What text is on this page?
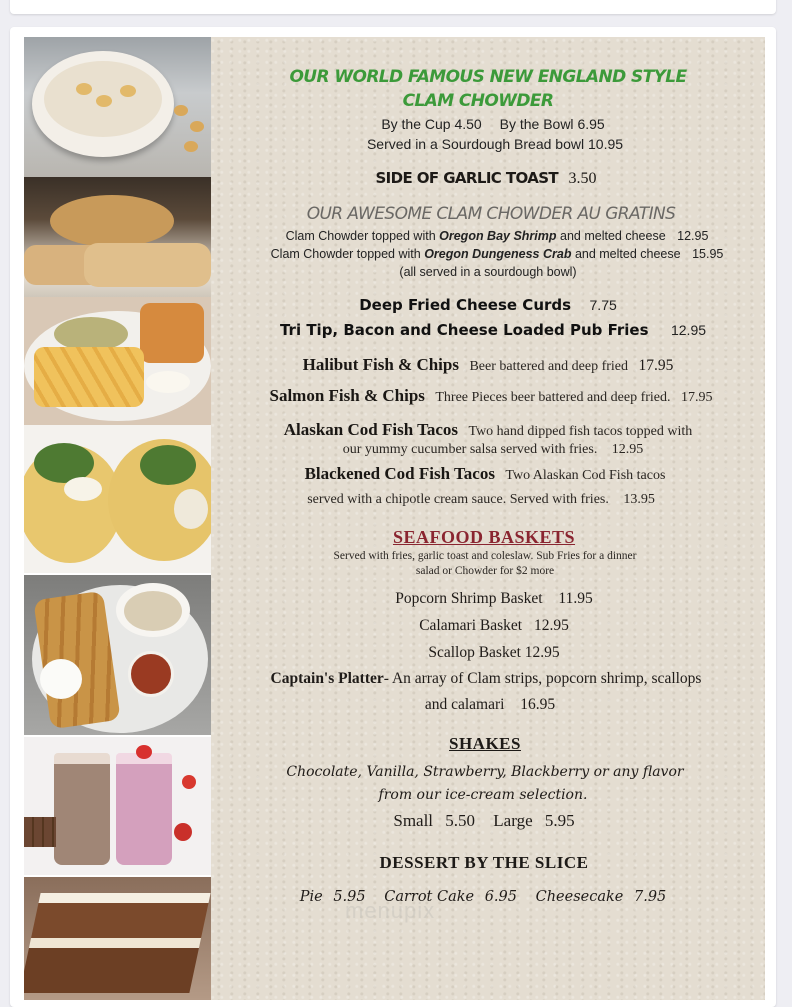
OUR WORLD FAMOUS NEW ENGLAND STYLE
CLAM CHOWDER
By the Cup 4.50 By the Bowl 6.95
Served in a Sourdough Bread bowl 10.95
SIDE OF GARLIC TOAST 3.50
OUR AWESOME CLAM CHOWDER AU GRATINS
Clam Chowder topped with Oregon Bay Shrimp and melted cheese 12.95
Clam Chowder topped with Oregon Dungeness Crab and melted cheese 15.95
(all served in a sourdough bowl)
Deep Fried Cheese Curds 7.75
Tri Tip, Bacon and Cheese Loaded Pub Fries 12.95
Halibut Fish & Chips Beer battered and deep fried 17.95
Salmon Fish & Chips Three Pieces beer battered and deep fried. 17.95
Alaskan Cod Fish Tacos Two hand dipped fish tacos topped with
our yummy cucumber salsa served with fries. 12.95
Blackened Cod Fish Tacos Two Alaskan Cod Fish tacos
served with a chipotle cream sauce. Served with fries. 13.95
SEAFOOD BASKETS
Served with fries, garlic toast and coleslaw. Sub Fries for a dinner
salad or Chowder for $2 more
Popcorn Shrimp Basket 11.95
Calamari Basket 12.95
Scallop Basket 12.95
Captain's Platter- An array of Clam strips, popcorn shrimp, scallops
and calamari 16.95
SHAKES
Chocolate, Vanilla, Strawberry, Blackberry or any flavor
from our ice-cream selection.
Small 5.50 Large 5.95
DESSERT BY THE SLICE
Pie 5.95 Carrot Cake 6.95 Cheesecake 7.95
menupix
